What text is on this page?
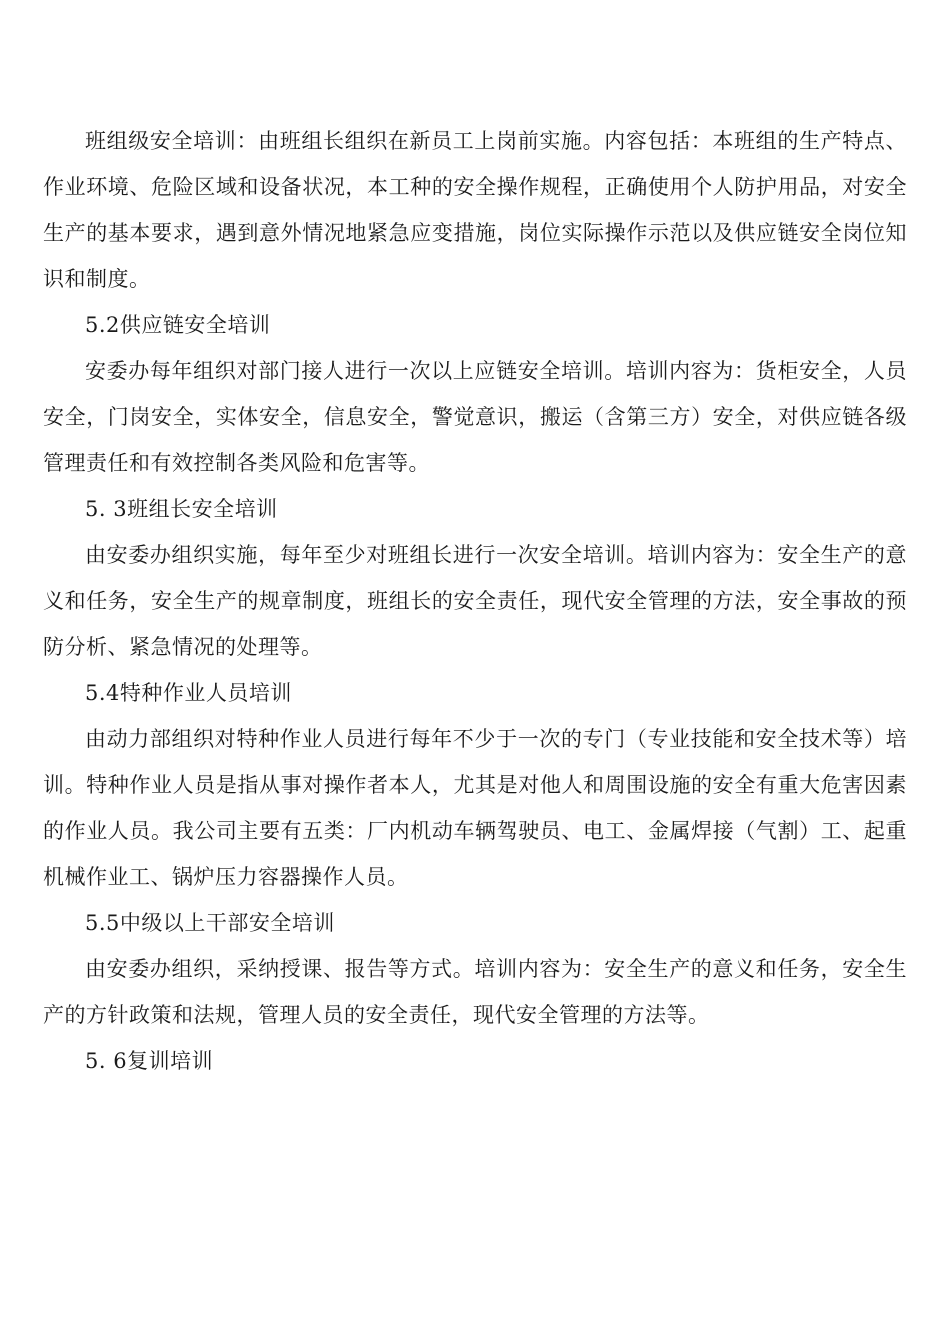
班组级安全培训：由班组长组织在新员工上岗前实施。内容包括：本班组的生产特点、作业环境、危险区域和设备状况，本工种的安全操作规程，正确使用个人防护用品，对安全生产的基本要求，遇到意外情况地紧急应变措施，岗位实际操作示范以及供应链安全岗位知识和制度。

5.2供应链安全培训

安委办每年组织对部门接人进行一次以上应链安全培训。培训内容为：货柜安全，人员安全，门岗安全，实体安全，信息安全，警觉意识，搬运（含第三方）安全，对供应链各级管理责任和有效控制各类风险和危害等。

5. 3班组长安全培训

由安委办组织实施，每年至少对班组长进行一次安全培训。培训内容为：安全生产的意义和任务，安全生产的规章制度，班组长的安全责任，现代安全管理的方法，安全事故的预防分析、紧急情况的处理等。

5.4特种作业人员培训

由动力部组织对特种作业人员进行每年不少于一次的专门（专业技能和安全技术等）培训。特种作业人员是指从事对操作者本人，尤其是对他人和周围设施的安全有重大危害因素的作业人员。我公司主要有五类：厂内机动车辆驾驶员、电工、金属焊接（气割）工、起重机械作业工、锅炉压力容器操作人员。

5.5中级以上干部安全培训

由安委办组织，采纳授课、报告等方式。培训内容为：安全生产的意义和任务，安全生产的方针政策和法规，管理人员的安全责任，现代安全管理的方法等。

5. 6复训培训
